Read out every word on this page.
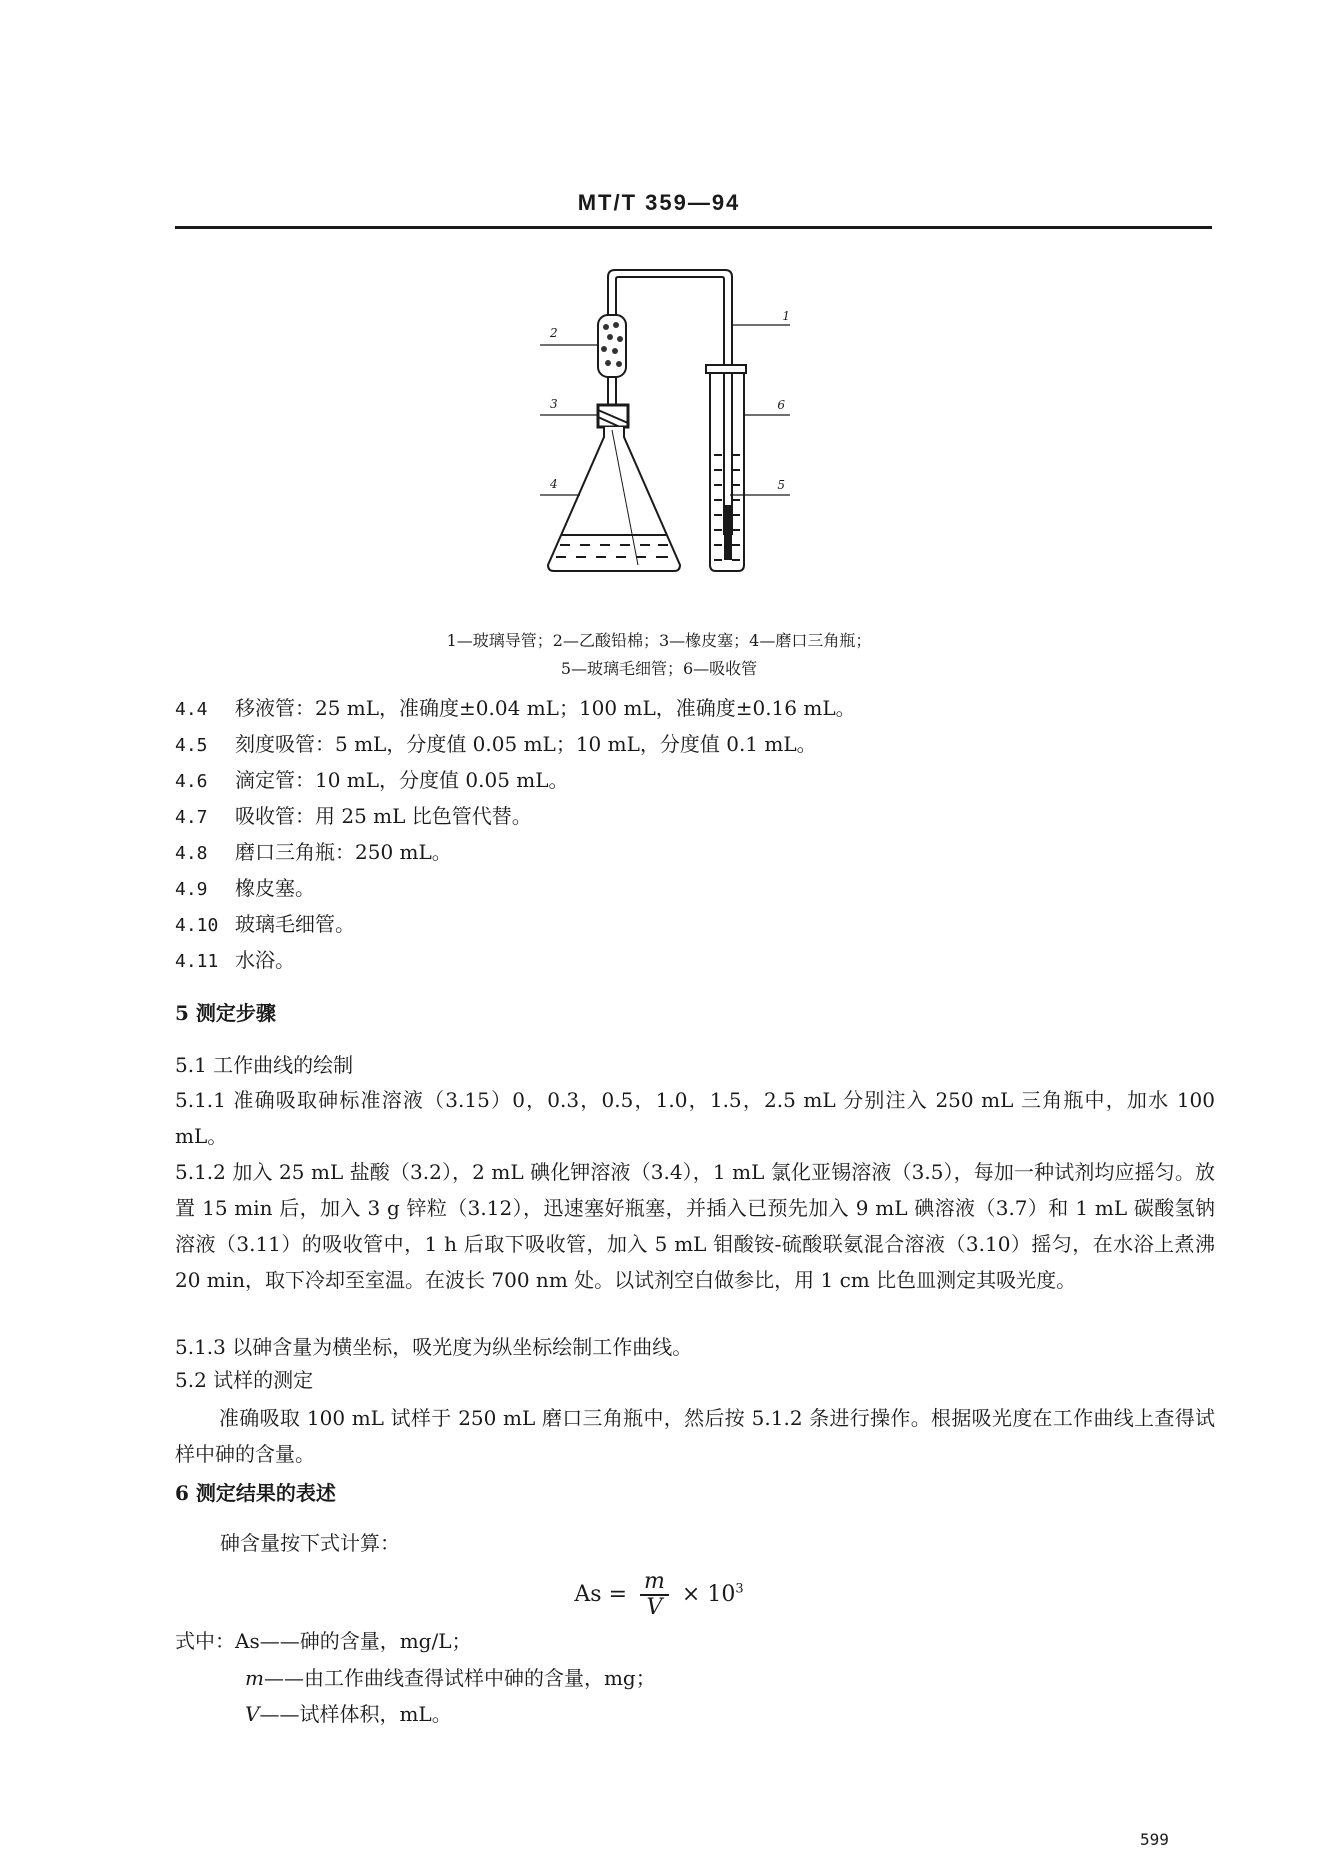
MT/T 359—94
1
2
3
4	5
6
1—玻璃导管；2—乙酸铅棉；3—橡皮塞；4—磨口三角瓶；
5—玻璃毛细管；6—吸收管
4.4 移液管：25 mL，准确度±0.04 mL；100 mL，准确度±0.16 mL。
4.5 刻度吸管：5 mL，分度值 0.05 mL；10 mL，分度值 0.1 mL。
4.6 滴定管：10 mL，分度值 0.05 mL。
4.7 吸收管：用 25 mL 比色管代替。
4.8 磨口三角瓶：250 mL。
4.9 橡皮塞。
4.10 玻璃毛细管。
4.11 水浴。
5 测定步骤
5.1 工作曲线的绘制
5.1.1 准确吸取砷标准溶液（3.15）0，0.3，0.5，1.0，1.5，2.5 mL 分别注入 250 mL 三角瓶中，加水 100 mL。
5.1.2 加入 25 mL 盐酸（3.2），2 mL 碘化钾溶液（3.4），1 mL 氯化亚锡溶液（3.5），每加一种试剂均应摇匀。放置 15 min 后，加入 3 g 锌粒（3.12），迅速塞好瓶塞，并插入已预先加入 9 mL 碘溶液（3.7）和 1 mL 碳酸氢钠溶液（3.11）的吸收管中，1 h 后取下吸收管，加入 5 mL 钼酸铵-硫酸联氨混合溶液（3.10）摇匀，在水浴上煮沸 20 min，取下冷却至室温。在波长 700 nm 处。以试剂空白做参比，用 1 cm 比色皿测定其吸光度。
5.1.3 以砷含量为横坐标，吸光度为纵坐标绘制工作曲线。
5.2 试样的测定
准确吸取 100 mL 试样于 250 mL 磨口三角瓶中，然后按 5.1.2 条进行操作。根据吸光度在工作曲线上查得试样中砷的含量。
6 测定结果的表述
砷含量按下式计算：
$As = \frac{m}{V} \times 10^3$
式中：As——砷的含量，mg/L；
m——由工作曲线查得试样中砷的含量，mg；
V——试样体积，mL。
599
